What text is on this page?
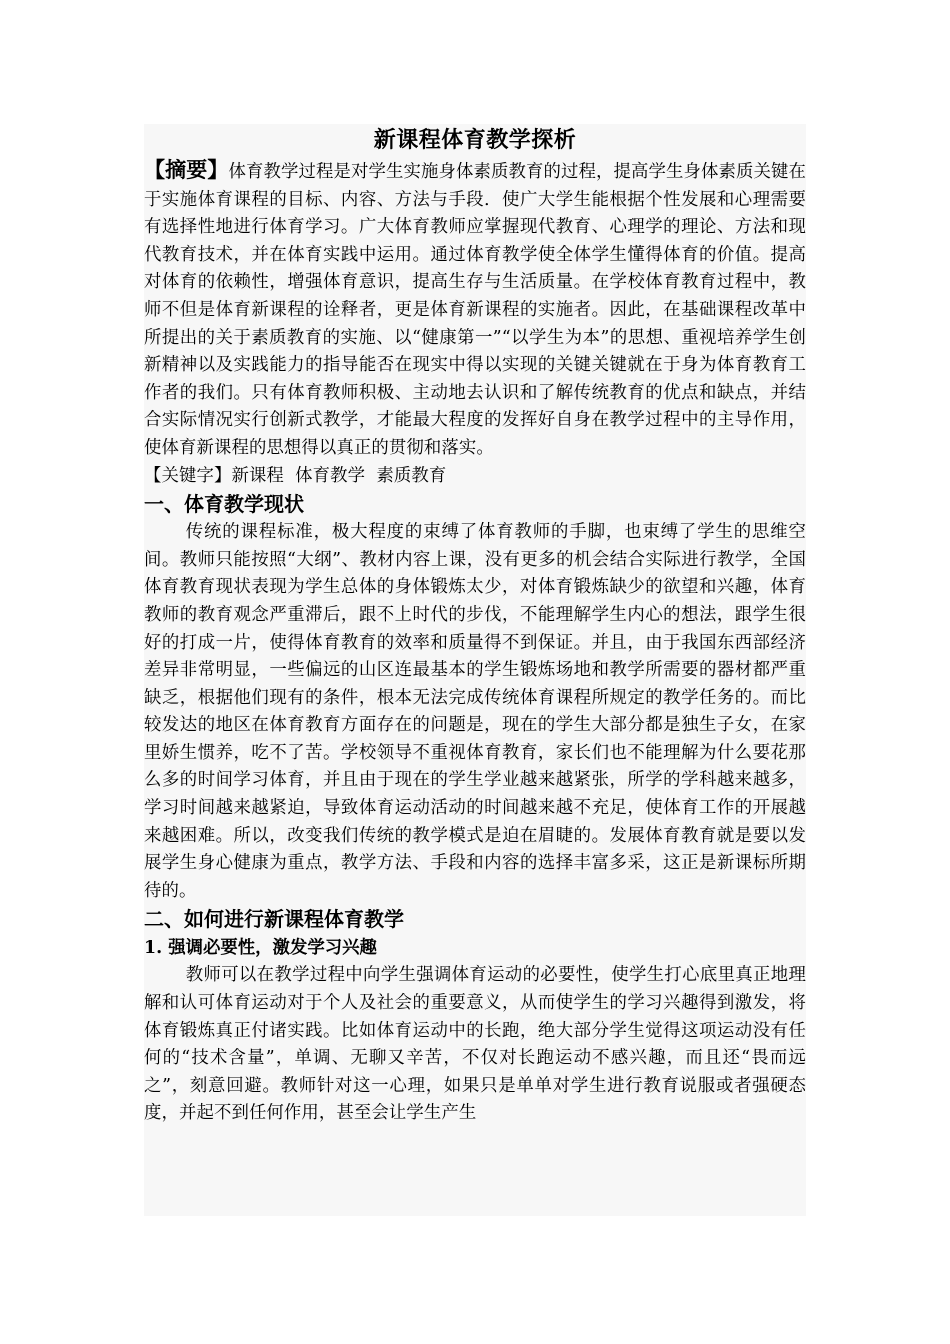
新课程体育教学探析

【摘要】体育教学过程是对学生实施身体素质教育的过程，提高学生身体素质关键在于实施体育课程的目标、内容、方法与手段．使广大学生能根据个性发展和心理需要有选择性地进行体育学习。广大体育教师应掌握现代教育、心理学的理论、方法和现代教育技术，并在体育实践中运用。通过体育教学使全体学生懂得体育的价值。提高对体育的依赖性，增强体育意识，提高生存与生活质量。在学校体育教育过程中，教师不但是体育新课程的诠释者，更是体育新课程的实施者。因此，在基础课程改革中所提出的关于素质教育的实施、以“健康第一”“以学生为本”的思想、重视培养学生创新精神以及实践能力的指导能否在现实中得以实现的关键关键就在于身为体育教育工作者的我们。只有体育教师积极、主动地去认识和了解传统教育的优点和缺点，并结合实际情况实行创新式教学，才能最大程度的发挥好自身在教学过程中的主导作用，使体育新课程的思想得以真正的贯彻和落实。

【关键字】新课程  体育教学  素质教育

一、体育教学现状

传统的课程标准，极大程度的束缚了体育教师的手脚，也束缚了学生的思维空间。教师只能按照“大纲”、教材内容上课，没有更多的机会结合实际进行教学，全国体育教育现状表现为学生总体的身体锻炼太少，对体育锻炼缺少的欲望和兴趣，体育教师的教育观念严重滞后，跟不上时代的步伐，不能理解学生内心的想法，跟学生很好的打成一片，使得体育教育的效率和质量得不到保证。并且，由于我国东西部经济差异非常明显，一些偏远的山区连最基本的学生锻炼场地和教学所需要的器材都严重缺乏，根据他们现有的条件，根本无法完成传统体育课程所规定的教学任务的。而比较发达的地区在体育教育方面存在的问题是，现在的学生大部分都是独生子女，在家里娇生惯养，吃不了苦。学校领导不重视体育教育，家长们也不能理解为什么要花那么多的时间学习体育，并且由于现在的学生学业越来越紧张，所学的学科越来越多，学习时间越来越紧迫，导致体育运动活动的时间越来越不充足，使体育工作的开展越来越困难。所以，改变我们传统的教学模式是迫在眉睫的。发展体育教育就是要以发展学生身心健康为重点，教学方法、手段和内容的选择丰富多采，这正是新课标所期待的。

二、如何进行新课程体育教学
1. 强调必要性，激发学习兴趣

教师可以在教学过程中向学生强调体育运动的必要性，使学生打心底里真正地理解和认可体育运动对于个人及社会的重要意义，从而使学生的学习兴趣得到激发，将体育锻炼真正付诸实践。比如体育运动中的长跑，绝大部分学生觉得这项运动没有任何的“技术含量”，单调、无聊又辛苦，不仅对长跑运动不感兴趣，而且还“畏而远之”，刻意回避。教师针对这一心理，如果只是单单对学生进行教育说服或者强硬态度，并起不到任何作用，甚至会让学生产生
